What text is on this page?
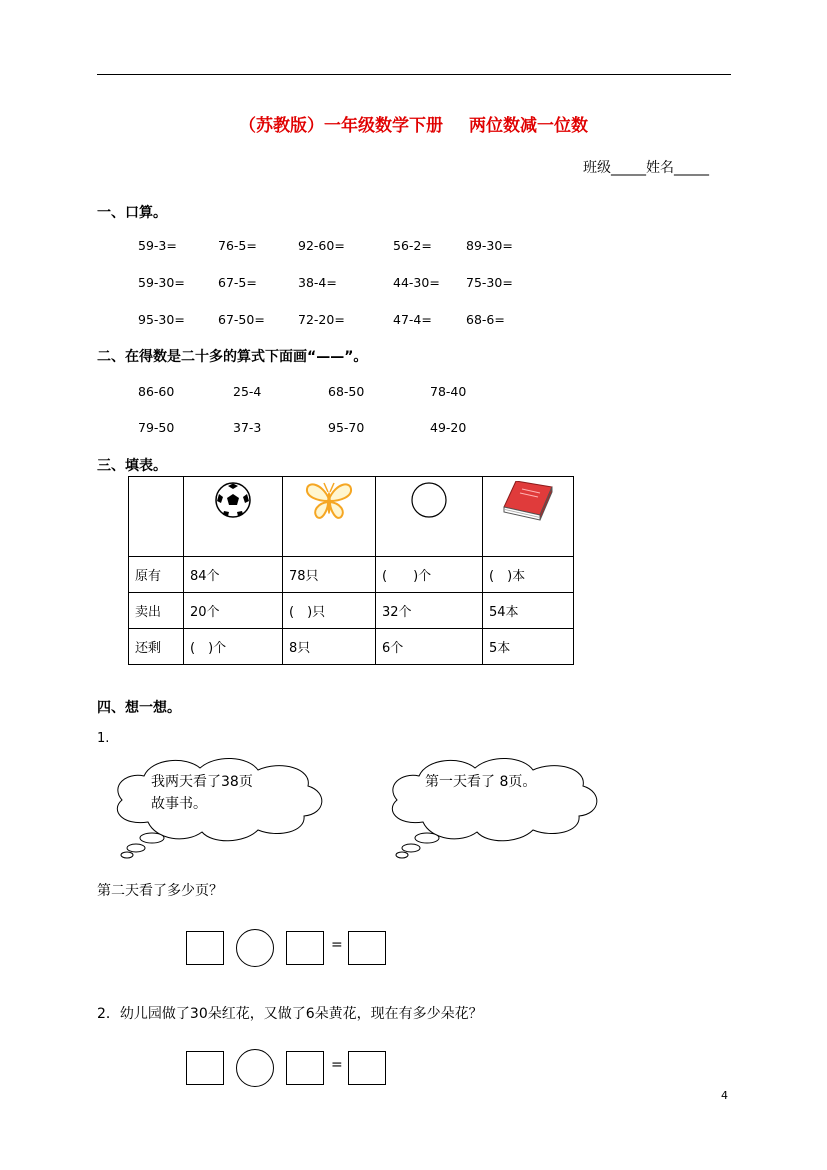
（苏教版）一年级数学下册 两位数减一位数
班级_____姓名_____
一、口算。
59-3=	76-5=	92-60=	56-2=	89-30=
59-30=	67-5=	38-4=	44-30= 75-30=
95-30=	67-50=	72-20=	47-4=	68-6=
二、在得数是二十多的算式下面画“——”。
86-60	25-4	68-50	78-40
79-50	37-3	95-70	49-20
三、填表。

原有	84个	78只	(　　)个	(　)本
卖出	20个	(　)只	32个	54本
还剩	(　)个	8只	6个	5本
四、想一想。
1.
我两天看了38页
故事书。
第一天看了 8页。
第二天看了多少页？
=
2．幼儿园做了30朵红花，又做了6朵黄花，现在有多少朵花？
=
4
